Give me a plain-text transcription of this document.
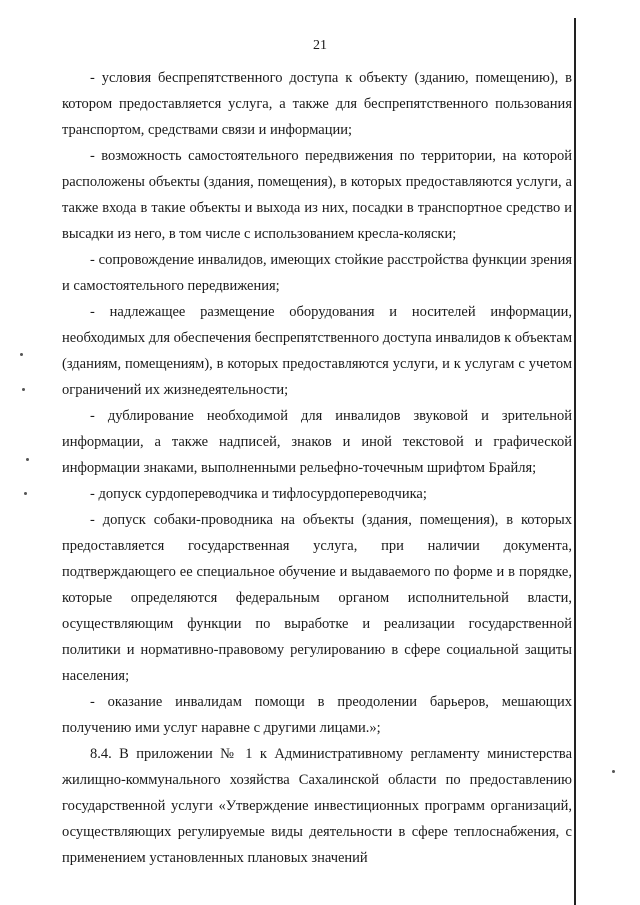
21

- условия беспрепятственного доступа к объекту (зданию, помещению), в котором предоставляется услуга, а также для беспрепятственного пользования транспортом, средствами связи и информации;

- возможность самостоятельного передвижения по территории, на которой расположены объекты (здания, помещения), в которых предоставляются услуги, а также входа в такие объекты и выхода из них, посадки в транспортное средство и высадки из него, в том числе с использованием кресла-коляски;

- сопровождение инвалидов, имеющих стойкие расстройства функции зрения и самостоятельного передвижения;

- надлежащее размещение оборудования и носителей информации, необходимых для обеспечения беспрепятственного доступа инвалидов к объектам (зданиям, помещениям), в которых предоставляются услуги, и к услугам с учетом ограничений их жизнедеятельности;

- дублирование необходимой для инвалидов звуковой и зрительной информации, а также надписей, знаков и иной текстовой и графической информации знаками, выполненными рельефно-точечным шрифтом Брайля;

- допуск сурдопереводчика и тифлосурдопереводчика;

- допуск собаки-проводника на объекты (здания, помещения), в которых предоставляется государственная услуга, при наличии документа, подтверждающего ее специальное обучение и выдаваемого по форме и в порядке, которые определяются федеральным органом исполнительной власти, осуществляющим функции по выработке и реализации государственной политики и нормативно-правовому регулированию в сфере социальной защиты населения;

- оказание инвалидам помощи в преодолении барьеров, мешающих получению ими услуг наравне с другими лицами.»;

8.4. В приложении № 1 к Административному регламенту министерства жилищно-коммунального хозяйства Сахалинской области по предоставлению государственной услуги «Утверждение инвестиционных программ организаций, осуществляющих регулируемые виды деятельности в сфере теплоснабжения, с применением установленных плановых значений
